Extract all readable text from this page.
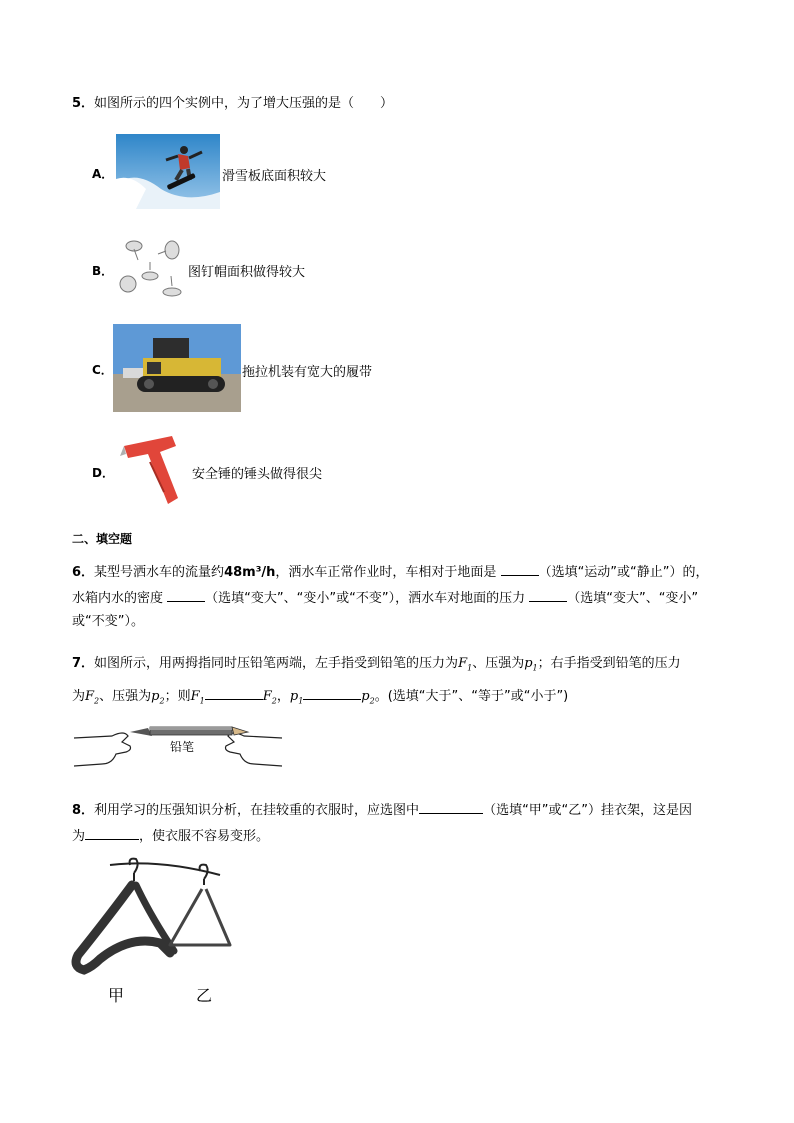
5．如图所示的四个实例中，为了增大压强的是（　　）
A．	滑雪板底面积较大
B．	图钉帽面积做得较大
C．	拖拉机装有宽大的履带
D．	安全锤的锤头做得很尖
二、填空题
6．某型号洒水车的流量约48m³/h，洒水车正常作业时，车相对于地面是	（选填“运动”或“静止”）的，
水箱内水的密度	（选填“变大”、“变小”或“不变”），洒水车对地面的压力	（选填“变大”、“变小”
或“不变”）。
7．如图所示，用两拇指同时压铅笔两端，左手指受到铅笔的压力为$F_1$、压强为$p_1$；右手指受到铅笔的压力
为$F_2$、压强为$p_2$；则$F_1$	$F_2$，$p_1$	$p_2$。(选填“大于”、“等于”或“小于”)
铅笔
8．利用学习的压强知识分析，在挂较重的衣服时，应选图中	（选填“甲”或“乙”）挂衣架，这是因
为	，使衣服不容易变形。
甲	乙
